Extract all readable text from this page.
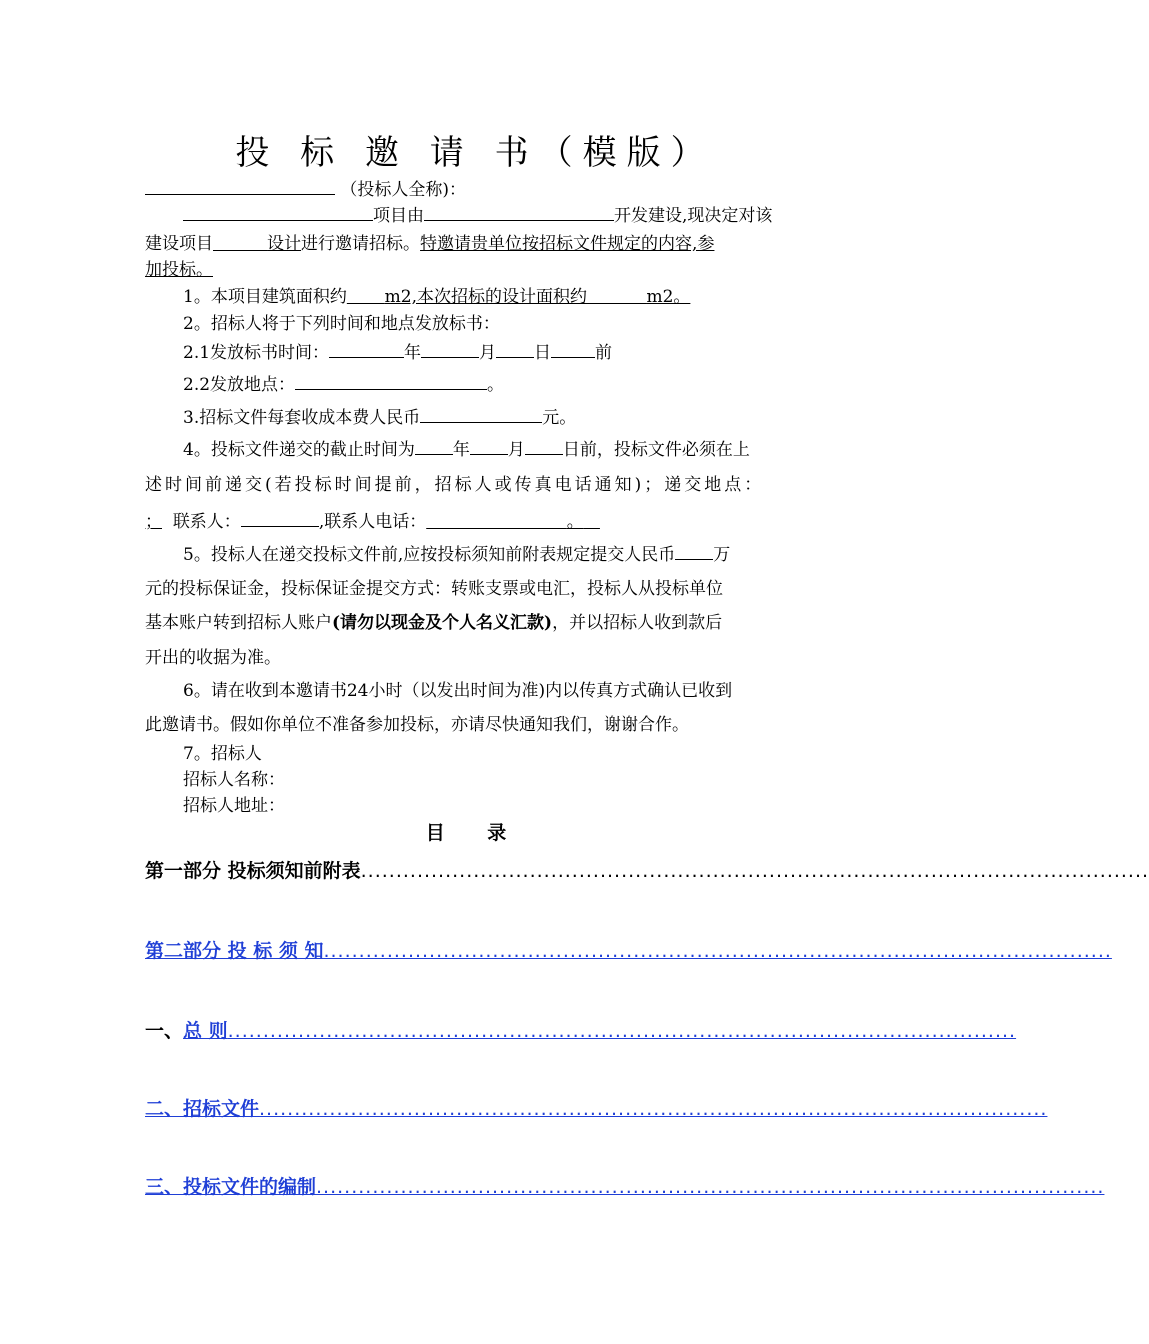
投 标 邀 请 书（模版）
（投标人全称)：
项目由	开发建设,现决定对该
建设项目	设计进行邀请招标。特邀请贵单位按招标文件规定的内容,参
加投标。
1。本项目建筑面积约 m2,本次招标的设计面积约	m2。
2。招标人将于下列时间和地点发放标书：
2.1发放标书时间：	年	月 日	前
2.2发放地点：	。
3.招标文件每套收成本费人民币	元。
4。投标文件递交的截止时间为 年 月 日前，投标文件必须在上
述时间前递交(若投标时间提前，招标人或传真电话通知)；递交地点：
； 联系人：	,联系人电话：	。
5。投标人在递交投标文件前,应按投标须知前附表规定提交人民币 万
元的投标保证金，投标保证金提交方式：转账支票或电汇，投标人从投标单位
基本账户转到招标人账户(请勿以现金及个人名义汇款)，并以招标人收到款后
开出的收据为准。
6。请在收到本邀请书24小时（以发出时间为准)内以传真方式确认已收到
此邀请书。假如你单位不准备参加投标，亦请尽快通知我们，谢谢合作。
7。招标人
招标人名称：
招标人地址：
目 录
第一部分 投标须知前附表................................................................................................................
第二部分 投 标 须 知................................................................................................................
一、总 则................................................................................................................
二、招标文件................................................................................................................
三、投标文件的编制................................................................................................................
